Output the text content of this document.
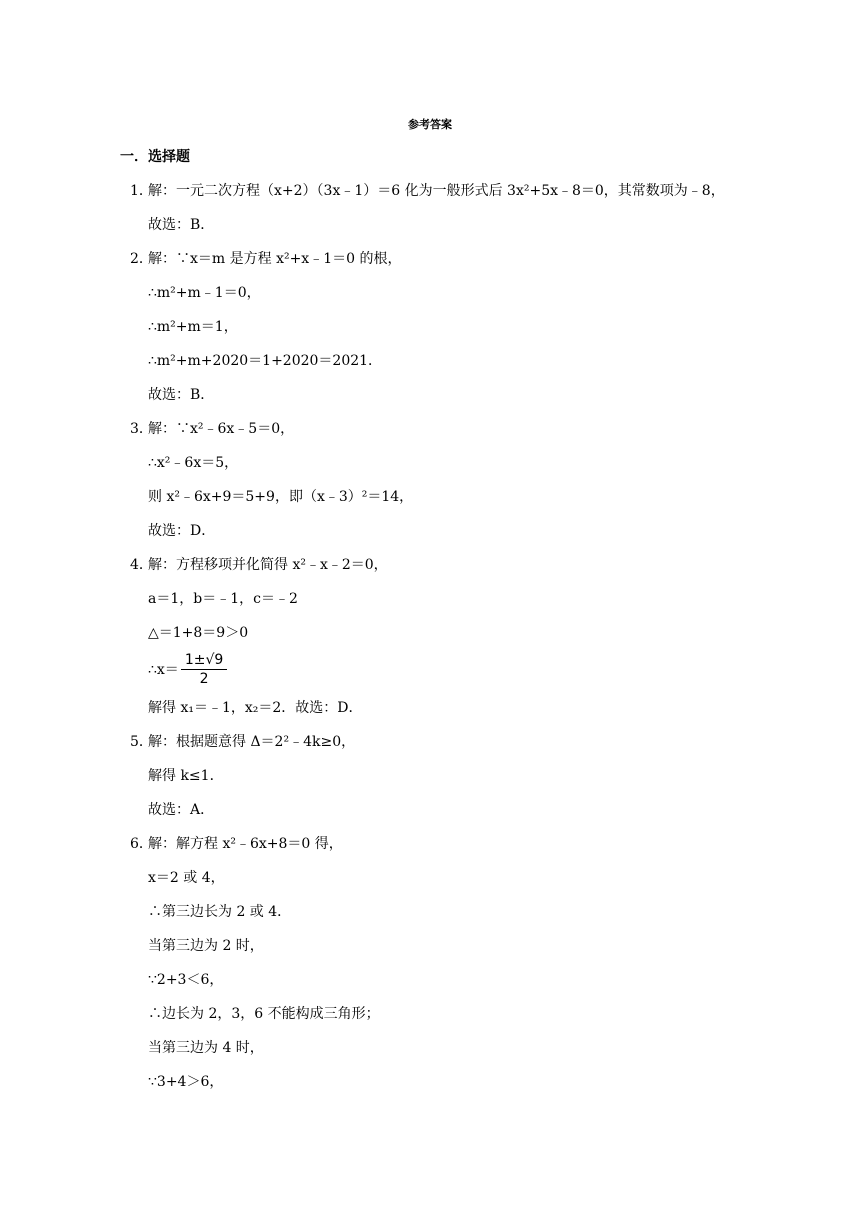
参考答案
一．选择题
1．
解：一元二次方程（x+2）（3x﹣1）＝6 化为一般形式后 3x²+5x﹣8＝0，其常数项为﹣8，
故选：B．
2．
解：∵x＝m 是方程 x²+x﹣1＝0 的根，
∴m²+m﹣1＝0，
∴m²+m＝1，
∴m²+m+2020＝1+2020＝2021．
故选：B．
3．
解：∵x²﹣6x﹣5＝0，
∴x²﹣6x＝5，
则 x²﹣6x+9＝5+9，即（x﹣3）²＝14，
故选：D．
4．
解：方程移项并化简得 x²﹣x﹣2＝0，
a＝1，b＝﹣1，c＝﹣2
△＝1+8＝9＞0
∴x＝ $\frac{1\pm√9}{2}$
解得 x₁＝﹣1，x₂＝2．故选：D．
5．
解：根据题意得 Δ＝2²﹣4k≥0，
解得 k≤1．
故选：A．
6．
解：解方程 x²﹣6x+8＝0 得，
x＝2 或 4，
∴第三边长为 2 或 4．
当第三边为 2 时，
∵2+3＜6，
∴边长为 2，3，6 不能构成三角形；
当第三边为 4 时，
∵3+4＞6，
